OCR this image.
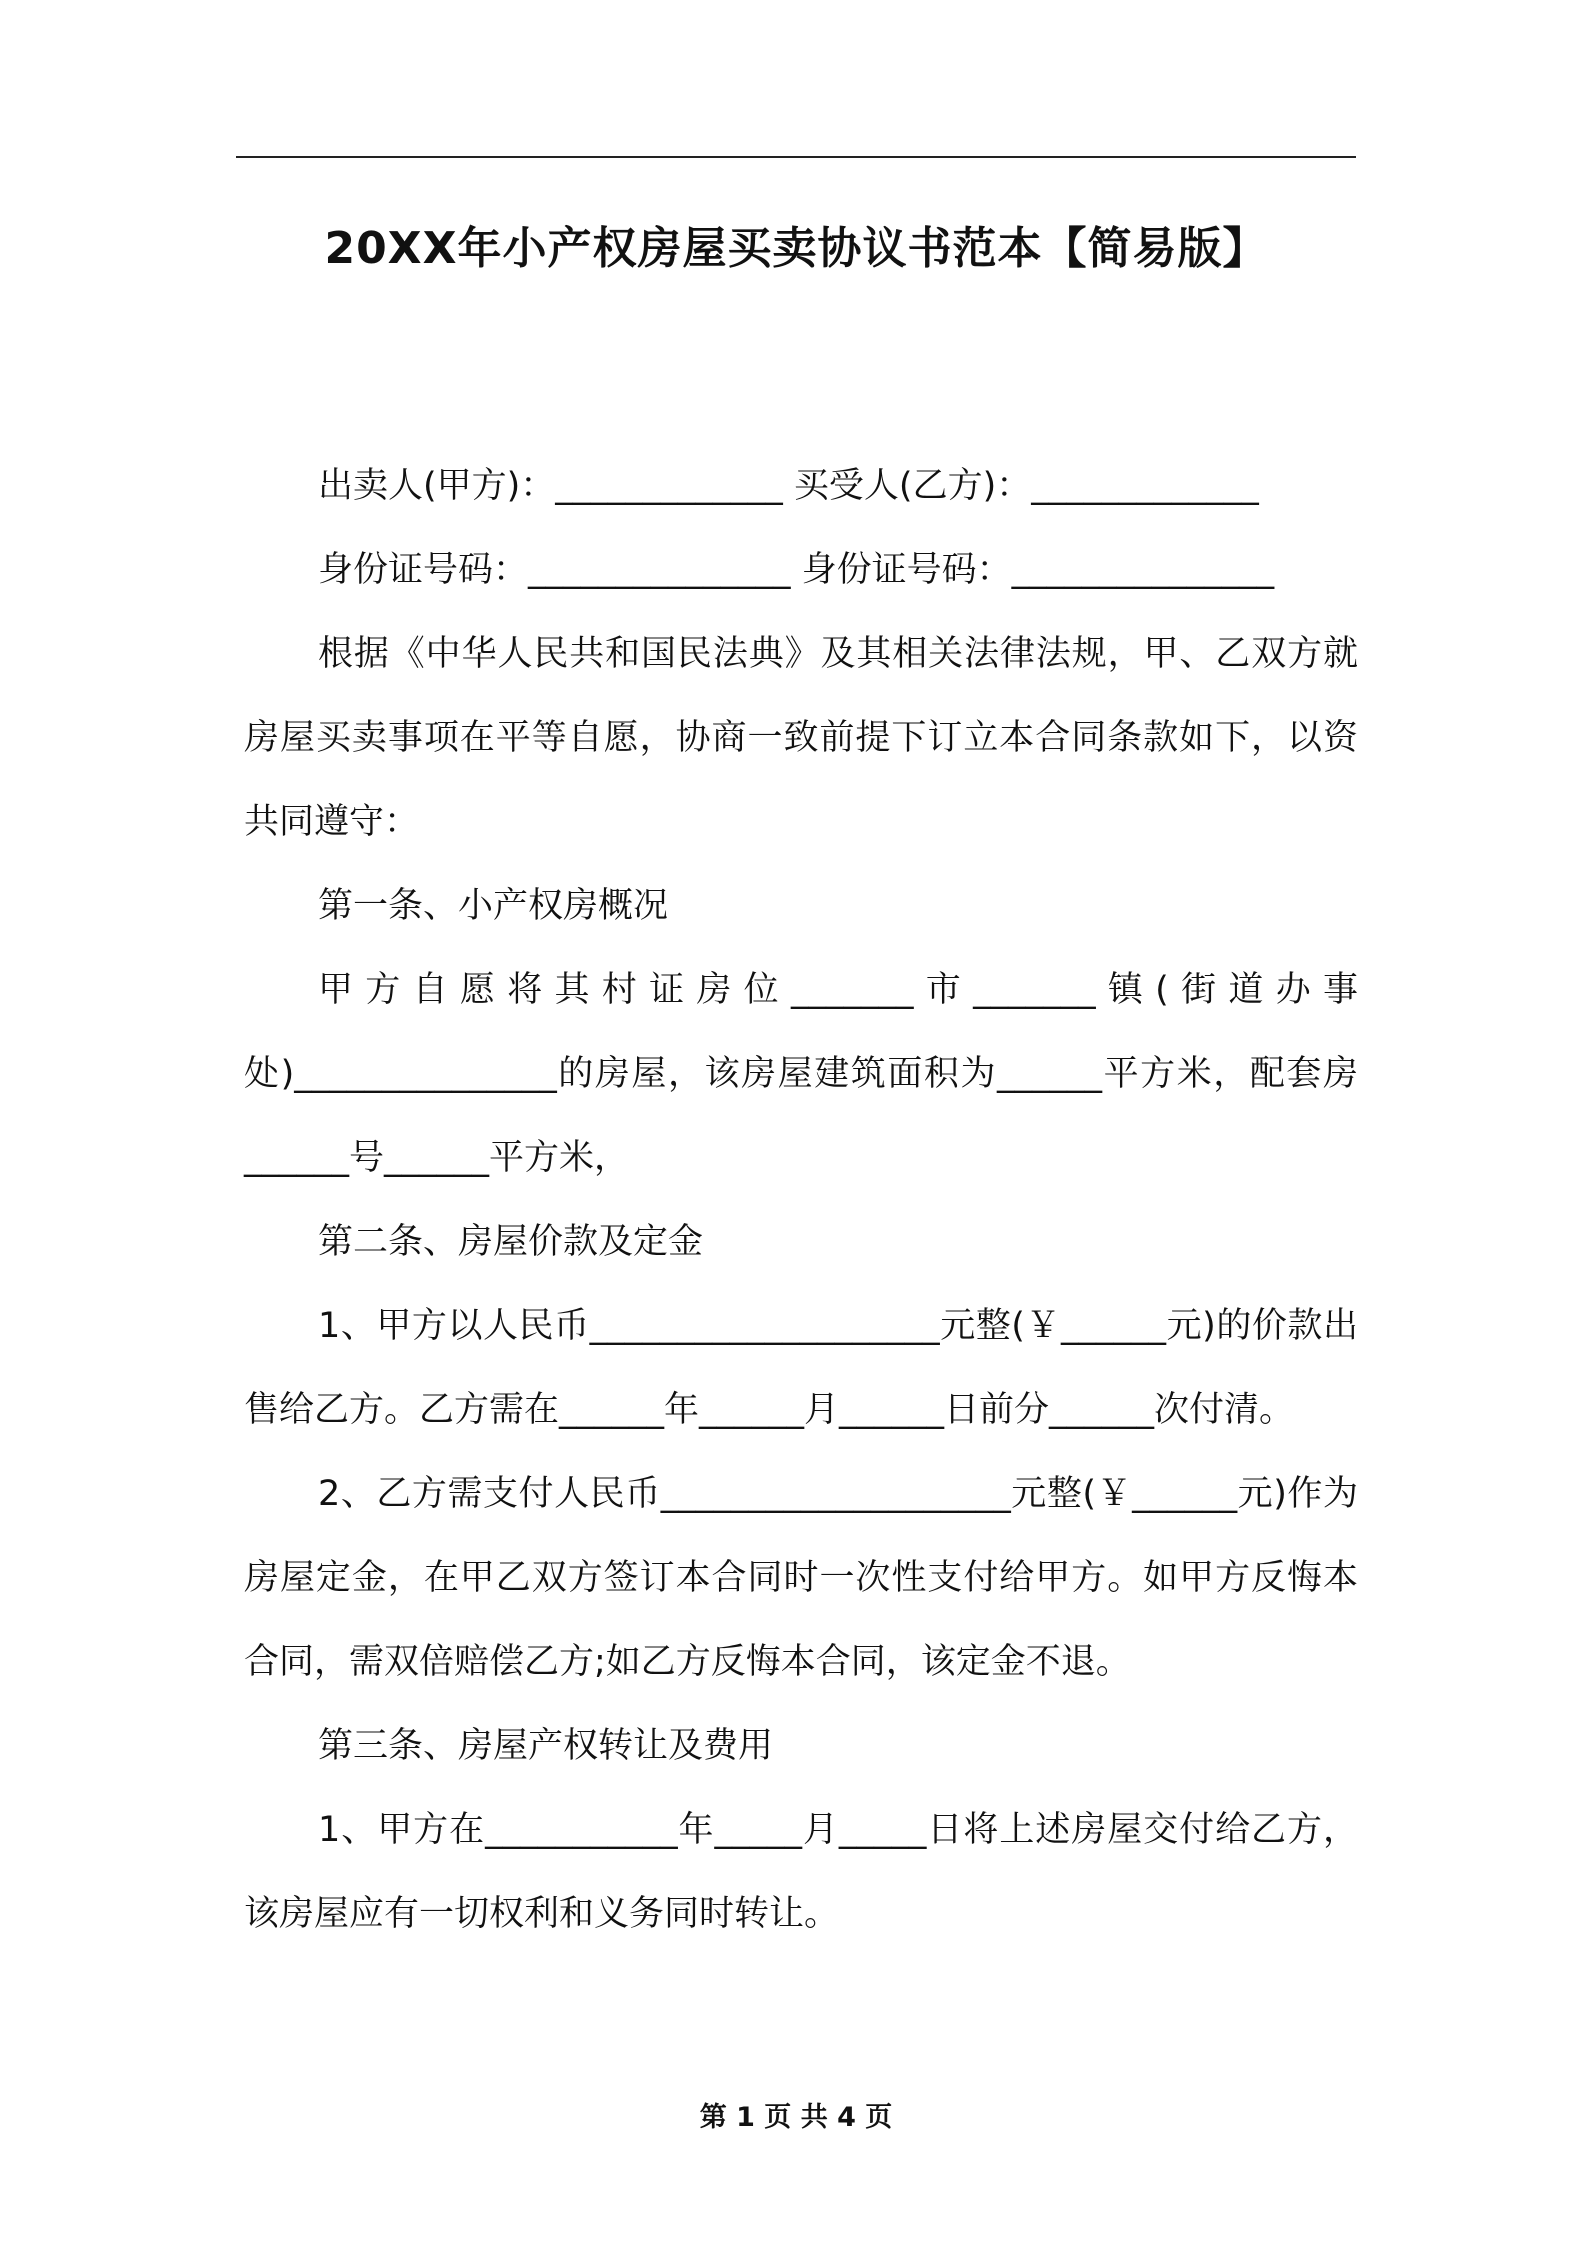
20XX年小产权房屋买卖协议书范本【简易版】

出卖人(甲方)：_____________ 买受人(乙方)：_____________

身份证号码：_______________ 身份证号码：_______________

根据《中华人民共和国民法典》及其相关法律法规，甲、乙双方就房屋买卖事项在平等自愿，协商一致前提下订立本合同条款如下，以资共同遵守：

第一条、小产权房概况

甲方自愿将其村证房位_______市_______镇(街道办事处)_______________的房屋，该房屋建筑面积为______平方米，配套房______号______平方米，

第二条、房屋价款及定金

1、甲方以人民币____________________元整(￥______元)的价款出售给乙方。乙方需在______年______月______日前分______次付清。

2、乙方需支付人民币____________________元整(￥______元)作为房屋定金，在甲乙双方签订本合同时一次性支付给甲方。如甲方反悔本合同，需双倍赔偿乙方;如乙方反悔本合同，该定金不退。

第三条、房屋产权转让及费用

1、甲方在___________年_____月_____日将上述房屋交付给乙方，该房屋应有一切权利和义务同时转让。

第 1 页 共 4 页
